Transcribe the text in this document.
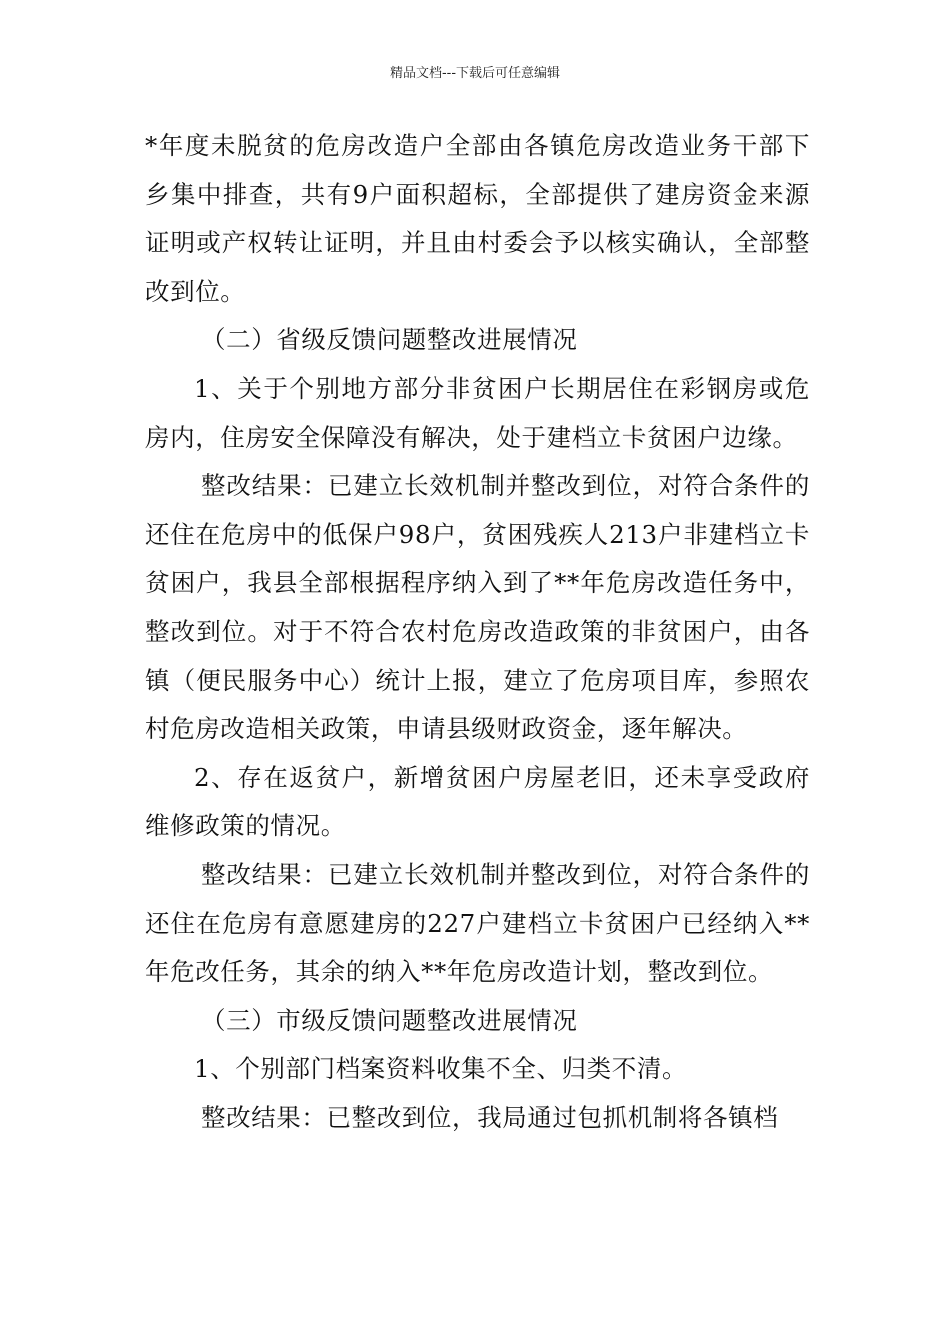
精品文档---下载后可任意编辑

*年度未脱贫的危房改造户全部由各镇危房改造业务干部下乡集中排查，共有9户面积超标，全部提供了建房资金来源证明或产权转让证明，并且由村委会予以核实确认，全部整改到位。

（二）省级反馈问题整改进展情况

1、关于个别地方部分非贫困户长期居住在彩钢房或危房内，住房安全保障没有解决，处于建档立卡贫困户边缘。

整改结果：已建立长效机制并整改到位，对符合条件的还住在危房中的低保户98户，贫困残疾人213户非建档立卡贫困户，我县全部根据程序纳入到了**年危房改造任务中，整改到位。对于不符合农村危房改造政策的非贫困户，由各镇（便民服务中心）统计上报，建立了危房项目库，参照农村危房改造相关政策，申请县级财政资金，逐年解决。

2、存在返贫户，新增贫困户房屋老旧，还未享受政府维修政策的情况。

整改结果：已建立长效机制并整改到位，对符合条件的还住在危房有意愿建房的227户建档立卡贫困户已经纳入**年危改任务，其余的纳入**年危房改造计划，整改到位。

（三）市级反馈问题整改进展情况

1、个别部门档案资料收集不全、归类不清。

整改结果：已整改到位，我局通过包抓机制将各镇档
